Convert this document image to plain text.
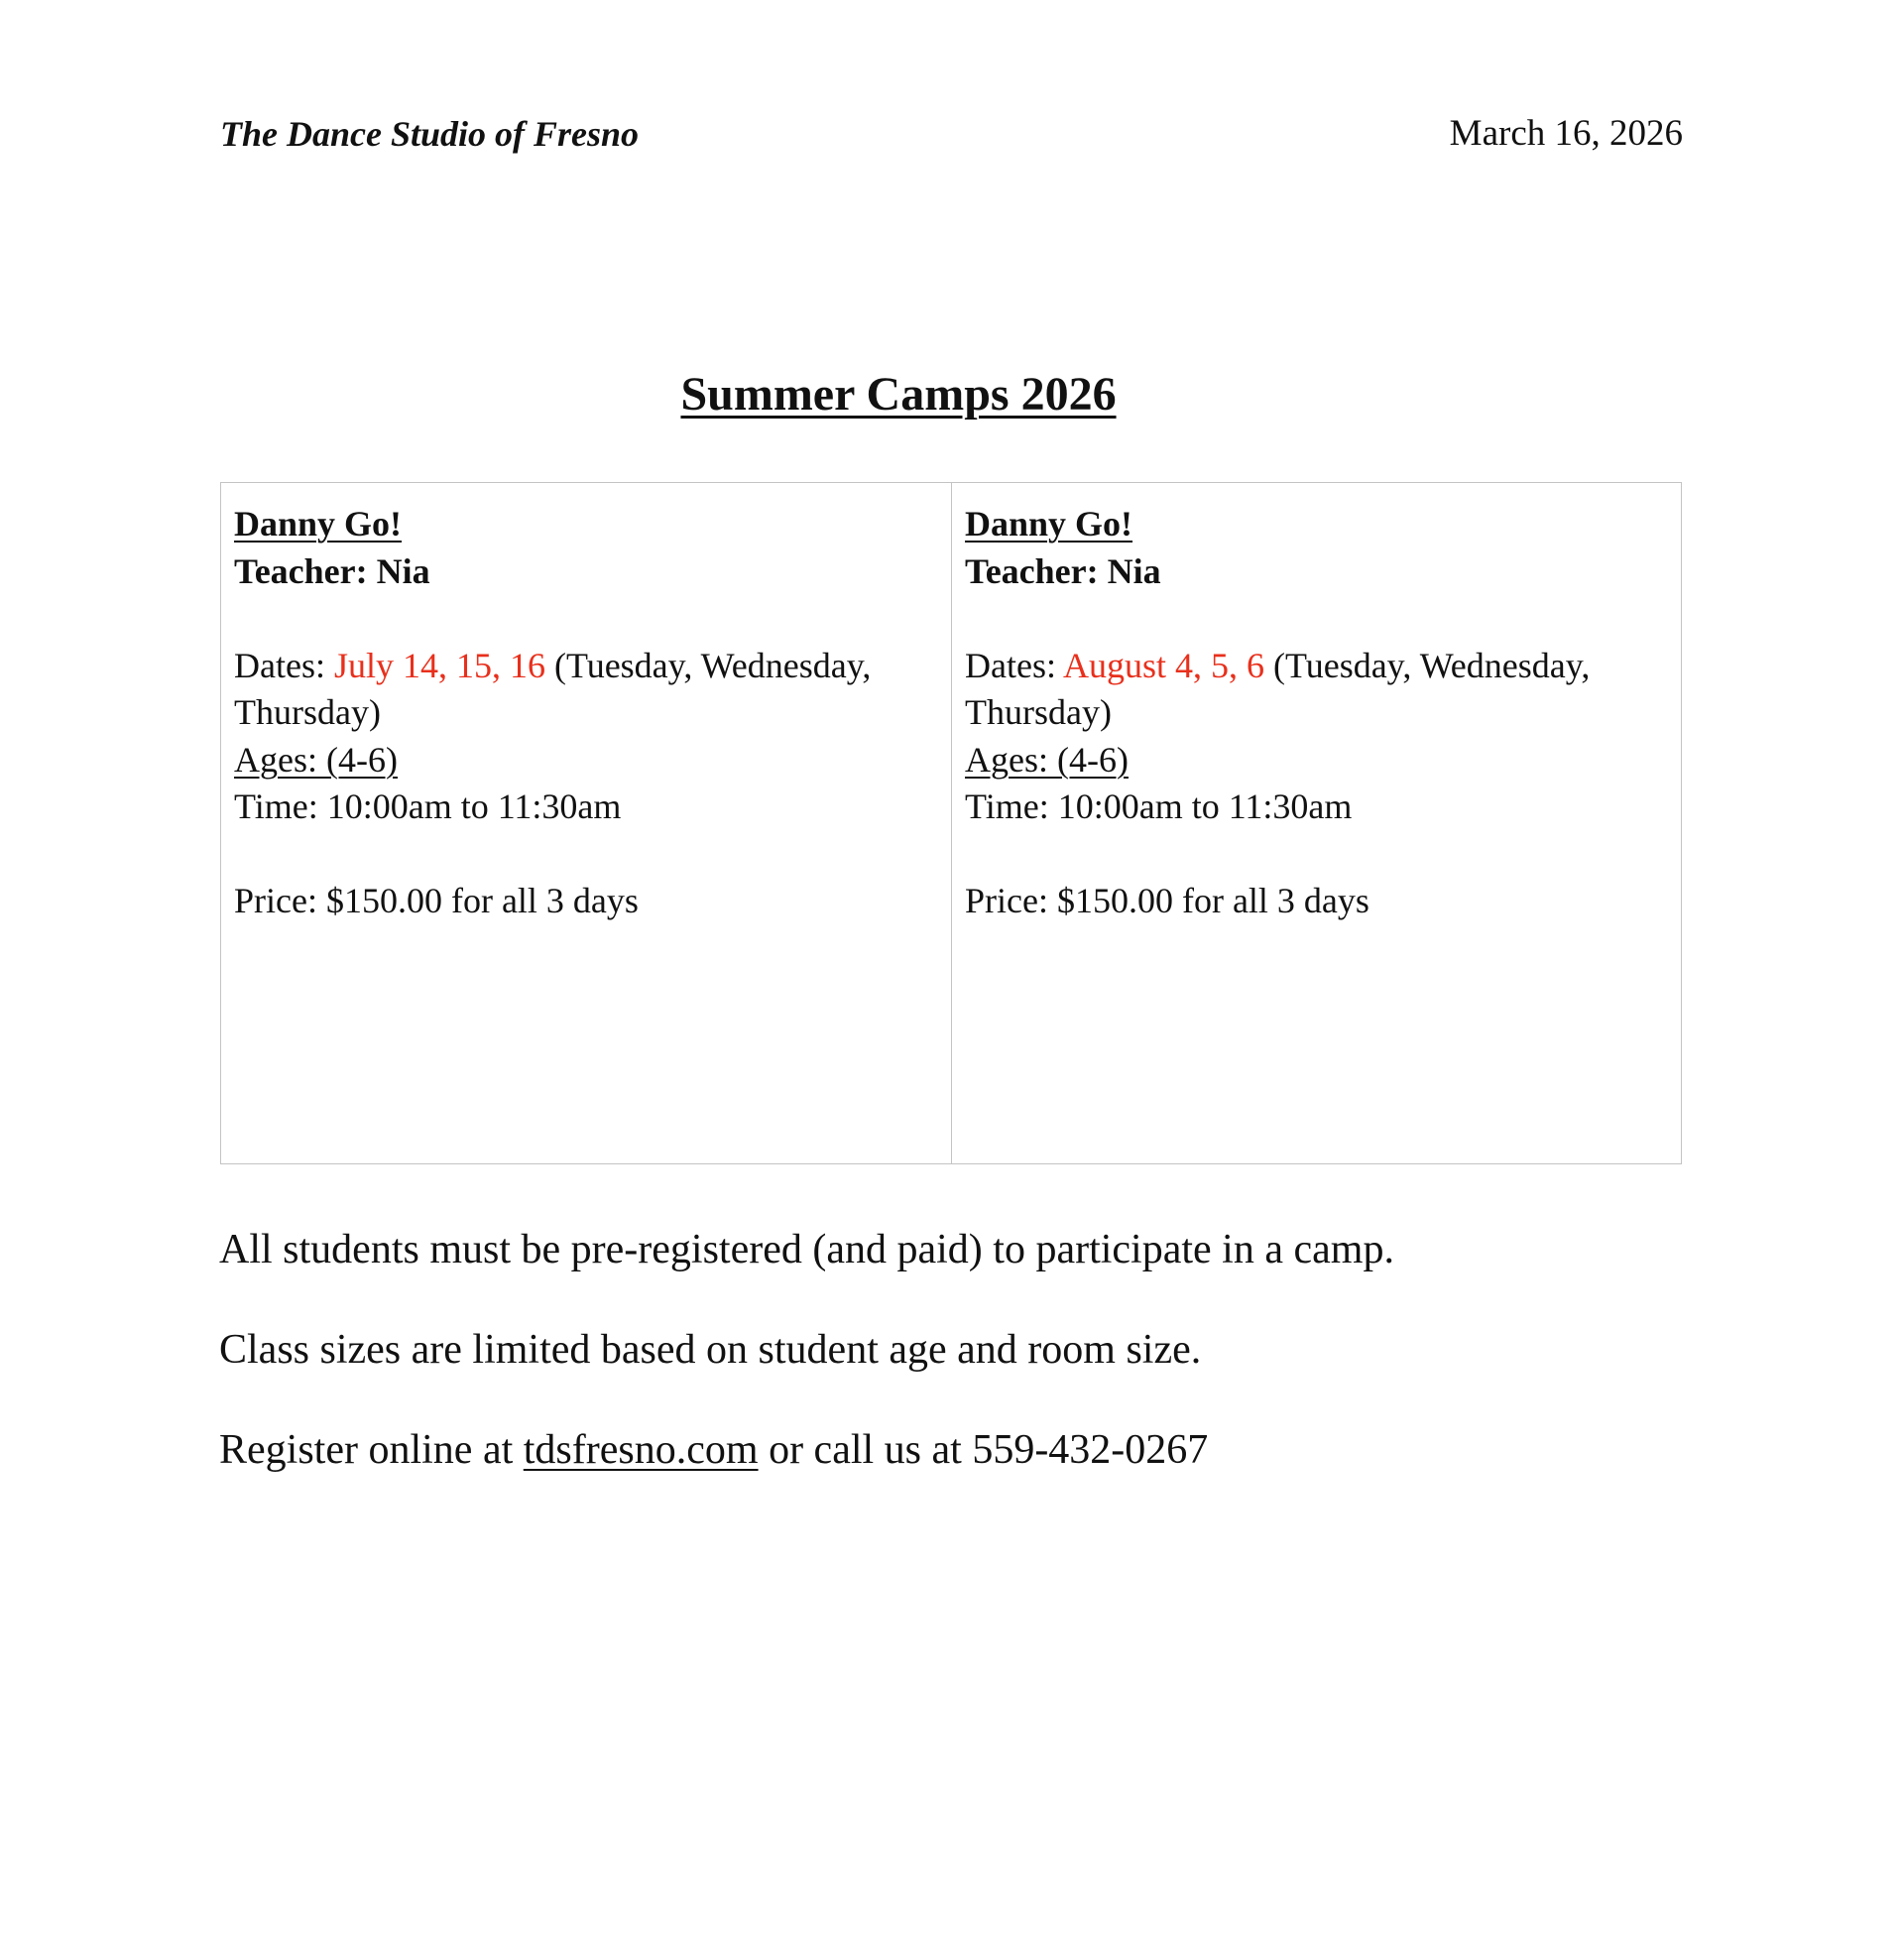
The Dance Studio of Fresno	March 16, 2026
Summer Camps 2026
Danny Go!
Teacher: Nia
Dates: July 14, 15, 16 (Tuesday, Wednesday, Thursday)
Ages: (4-6)
Time: 10:00am to 11:30am
Price: $150.00 for all 3 days
Danny Go!
Teacher: Nia
Dates: August 4, 5, 6 (Tuesday, Wednesday, Thursday)
Ages: (4-6)
Time: 10:00am to 11:30am
Price: $150.00 for all 3 days
All students must be pre-registered (and paid) to participate in a camp.
Class sizes are limited based on student age and room size.
Register online at tdsfresno.com or call us at 559-432-0267
